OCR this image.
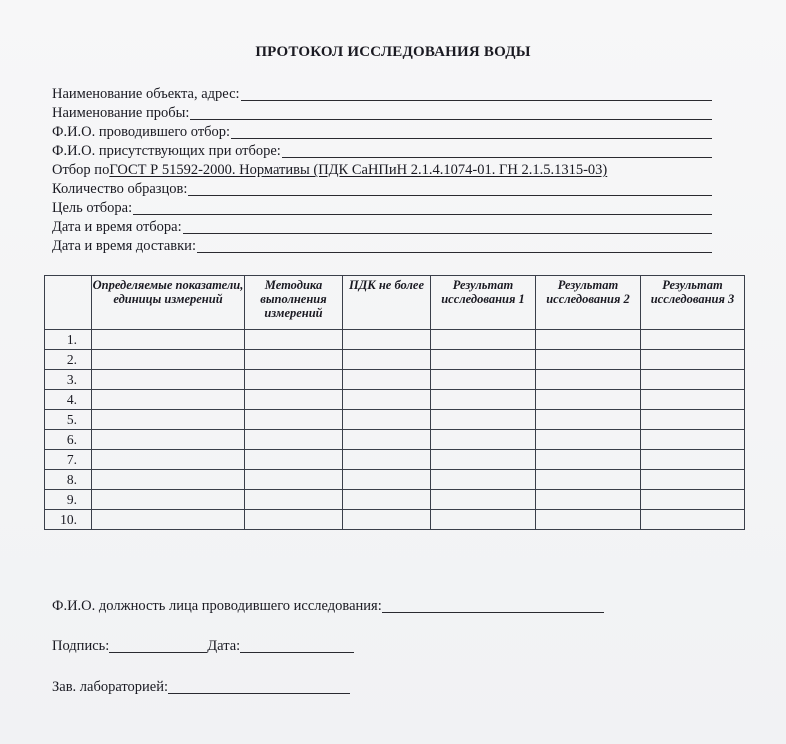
ПРОТОКОЛ ИССЛЕДОВАНИЯ ВОДЫ
Наименование объекта, адрес:
Наименование пробы:
Ф.И.О. проводившего отбор:
Ф.И.О. присутствующих при отборе:
Отбор по ГОСТ Р 51592-2000. Нормативы (ПДК СаНПиН 2.1.4.1074-01. ГН 2.1.5.1315-03)
Количество образцов:
Цель отбора:
Дата и время отбора:
Дата и время доставки:
	Определяемые показатели, единицы измерений	Методика выполнения измерений	ПДК не более	Результат исследования 1	Результат исследования 2	Результат исследования 3
1.						
2.						
3.						
4.						
5.						
6.						
7.						
8.						
9.						
10.						
Ф.И.О. должность лица проводившего исследования:
Подпись:	Дата:
Зав. лабораторией:
